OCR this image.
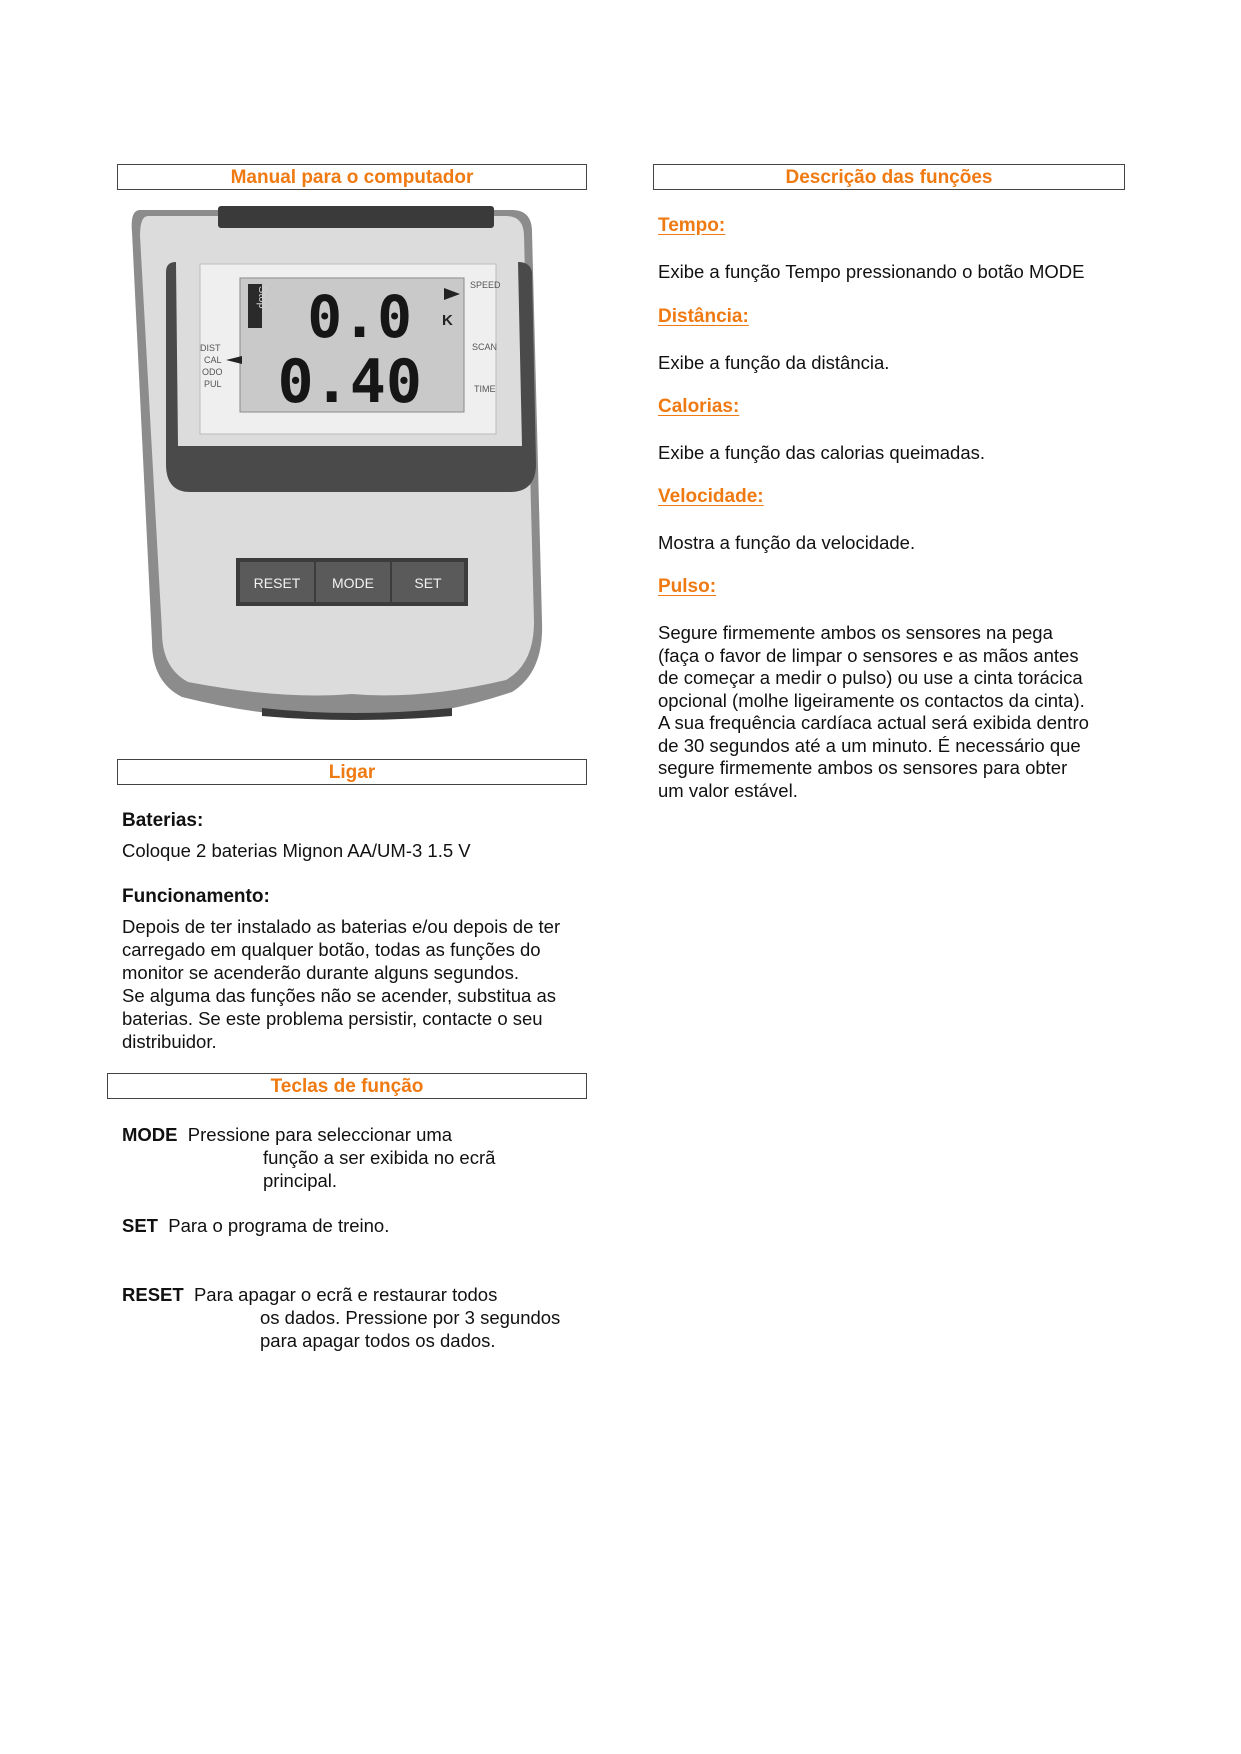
Manual para o computador
Stop 0.0
0.40
K
DIST
CAL
ODO
PUL
SPEED
SCAN
TIME
RESET MODE	SET
Ligar
Baterias:
Coloque 2 baterias Mignon AA/UM-3 1.5 V
Funcionamento:
Depois de ter instalado as baterias e/ou depois de ter
carregado em qualquer botão, todas as funções do
monitor se acenderão durante alguns segundos.
Se alguma das funções não se acender, substitua as
baterias. Se este problema persistir, contacte o seu
distribuidor.
Teclas de função
MODE Pressione para seleccionar uma
função a ser exibida no ecrã
principal.
SET Para o programa de treino.
RESET Para apagar o ecrã e restaurar todos
os dados. Pressione por 3 segundos
para apagar todos os dados.
Descrição das funções
Tempo:
Exibe a função Tempo pressionando o botão MODE
Distância:
Exibe a função da distância.
Calorias:
Exibe a função das calorias queimadas.
Velocidade:
Mostra a função da velocidade.
Pulso:
Segure firmemente ambos os sensores na pega
(faça o favor de limpar o sensores e as mãos antes
de começar a medir o pulso) ou use a cinta torácica
opcional (molhe ligeiramente os contactos da cinta).
A sua frequência cardíaca actual será exibida dentro
de 30 segundos até a um minuto. É necessário que
segure firmemente ambos os sensores para obter
um valor estável.
